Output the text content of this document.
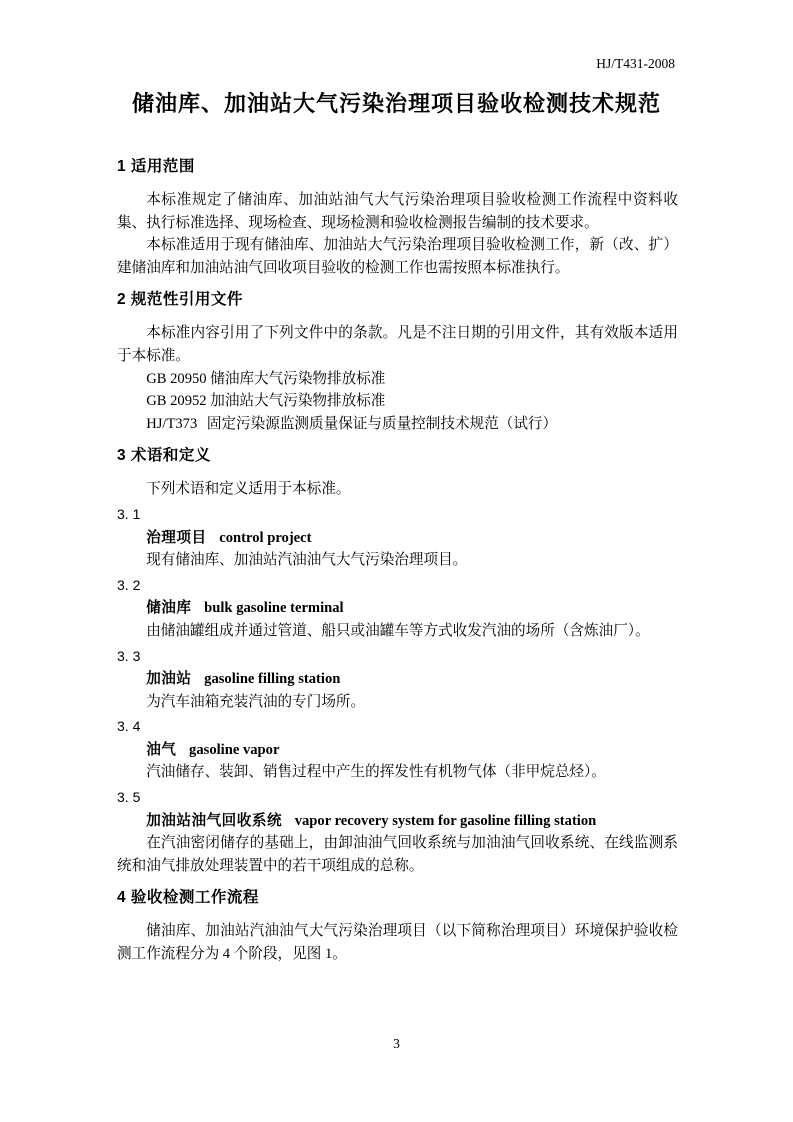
HJ/T431-2008
储油库、加油站大气污染治理项目验收检测技术规范
1 适用范围

本标准规定了储油库、加油站油气大气污染治理项目验收检测工作流程中资料收集、执行标准选择、现场检查、现场检测和验收检测报告编制的技术要求。

本标准适用于现有储油库、加油站大气污染治理项目验收检测工作，新（改、扩）建储油库和加油站油气回收项目验收的检测工作也需按照本标准执行。

2 规范性引用文件

本标准内容引用了下列文件中的条款。凡是不注日期的引用文件，其有效版本适用于本标准。

GB 20950 储油库大气污染物排放标准
GB 20952 加油站大气污染物排放标准
HJ/T373 固定污染源监测质量保证与质量控制技术规范（试行）
3 术语和定义

下列术语和定义适用于本标准。

3. 1
治理项目 control project

现有储油库、加油站汽油油气大气污染治理项目。

3. 2
储油库 bulk gasoline terminal

由储油罐组成并通过管道、船只或油罐车等方式收发汽油的场所（含炼油厂）。

3. 3
加油站 gasoline filling station

为汽车油箱充装汽油的专门场所。

3. 4
油气 gasoline vapor

汽油储存、装卸、销售过程中产生的挥发性有机物气体（非甲烷总烃）。

3. 5
加油站油气回收系统 vapor recovery system for gasoline filling station

在汽油密闭储存的基础上，由卸油油气回收系统与加油油气回收系统、在线监测系统和油气排放处理装置中的若干项组成的总称。

4 验收检测工作流程

储油库、加油站汽油油气大气污染治理项目（以下简称治理项目）环境保护验收检测工作流程分为 4 个阶段，见图 1。

3
